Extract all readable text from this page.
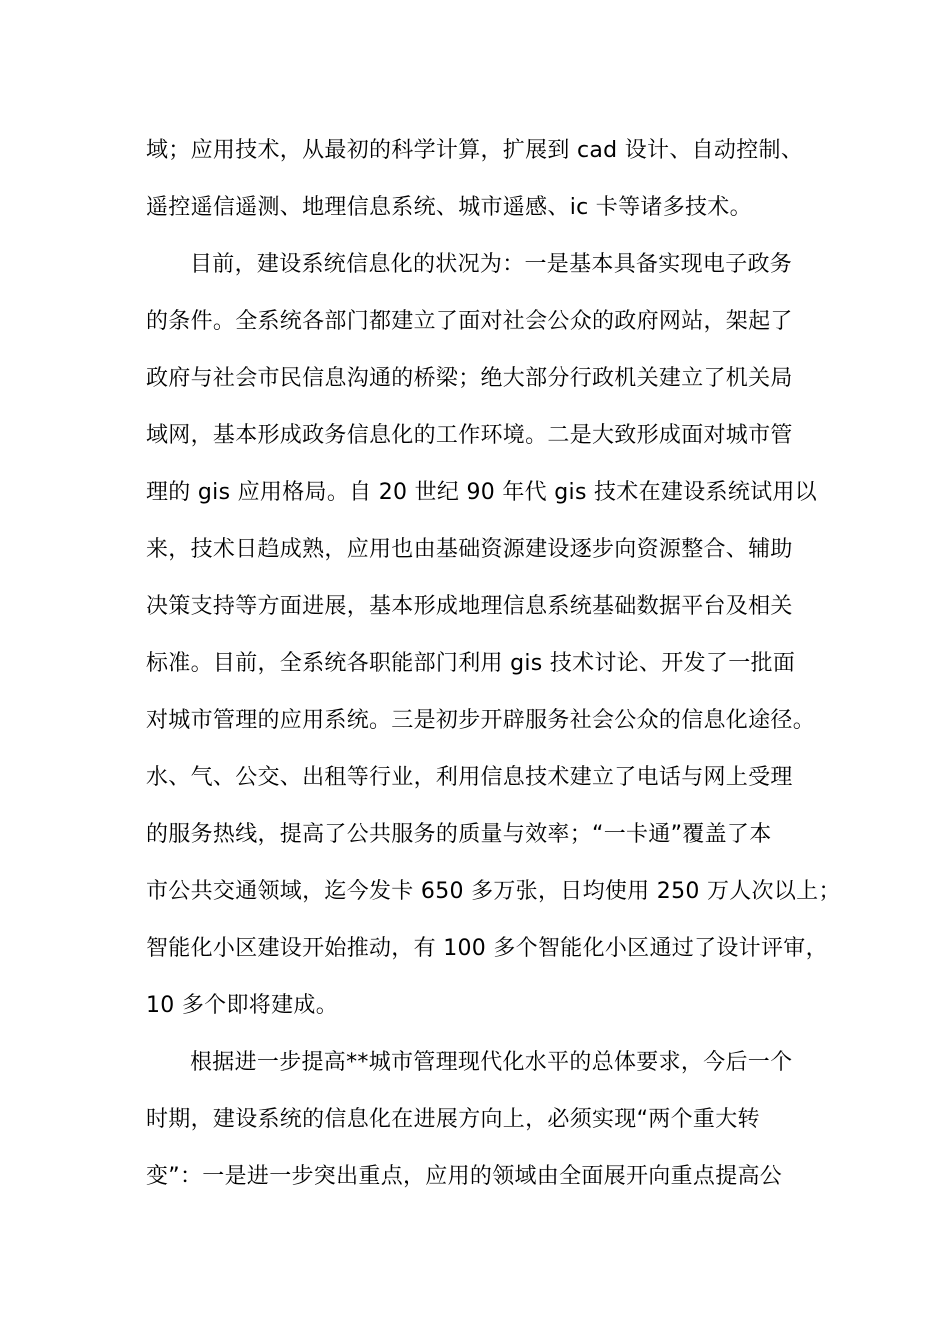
域；应用技术，从最初的科学计算，扩展到 cad 设计、自动控制、
遥控遥信遥测、地理信息系统、城市遥感、ic 卡等诸多技术。
目前，建设系统信息化的状况为：一是基本具备实现电子政务
的条件。全系统各部门都建立了面对社会公众的政府网站，架起了
政府与社会市民信息沟通的桥梁；绝大部分行政机关建立了机关局
域网，基本形成政务信息化的工作环境。二是大致形成面对城市管
理的 gis 应用格局。自 20 世纪 90 年代 gis 技术在建设系统试用以
来，技术日趋成熟，应用也由基础资源建设逐步向资源整合、辅助
决策支持等方面进展，基本形成地理信息系统基础数据平台及相关
标准。目前，全系统各职能部门利用 gis 技术讨论、开发了一批面
对城市管理的应用系统。三是初步开辟服务社会公众的信息化途径。
水、气、公交、出租等行业，利用信息技术建立了电话与网上受理
的服务热线，提高了公共服务的质量与效率；“一卡通”覆盖了本
市公共交通领域，迄今发卡 650 多万张，日均使用 250 万人次以上；
智能化小区建设开始推动，有 100 多个智能化小区通过了设计评审，
10 多个即将建成。
根据进一步提高**城市管理现代化水平的总体要求，今后一个
时期，建设系统的信息化在进展方向上，必须实现“两个重大转
变”：一是进一步突出重点，应用的领域由全面展开向重点提高公
